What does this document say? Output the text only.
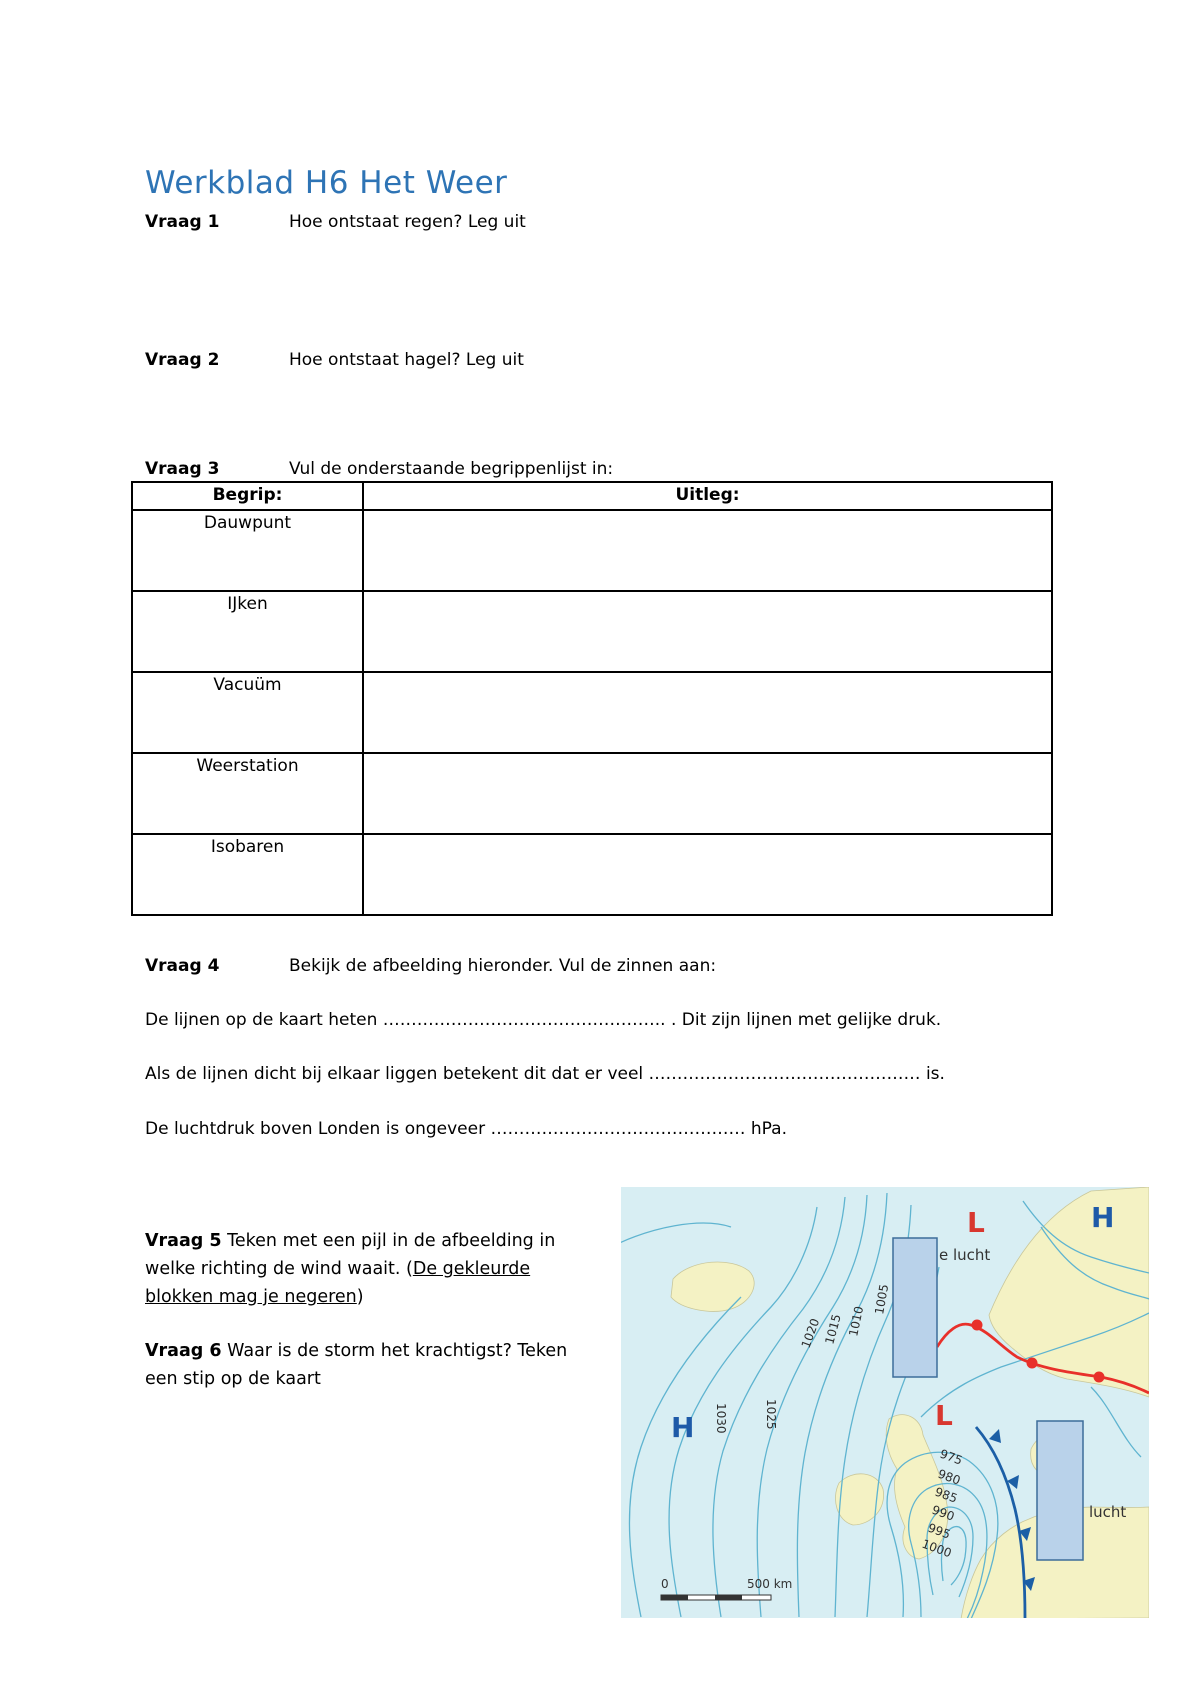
Werkblad H6 Het Weer
Vraag 1	Hoe ontstaat regen? Leg uit
Vraag 2	Hoe ontstaat hagel? Leg uit
Vraag 3	Vul de onderstaande begrippenlijst in:
Begrip:	Uitleg:
Dauwpunt	
IJken	
Vacuüm	
Weerstation	
Isobaren	
Vraag 4	Bekijk de afbeelding hieronder. Vul de zinnen aan:
De lijnen op de kaart heten ………………………………………….. . Dit zijn lijnen met gelijke druk.
Als de lijnen dicht bij elkaar liggen betekent dit dat er veel ………………………………………… is.
De luchtdruk boven Londen is ongeveer ……………………………………… hPa.
Vraag 5 Teken met een pijl in de afbeelding in welke richting de wind waait. (De gekleurde blokken mag je negeren)
Vraag 6 Waar is de storm het krachtigst? Teken een stip op de kaart
L	H
H	L
1030	1025
1020 1015 1010
1005
975
980
985
990
995
1000
e lucht
lucht
0	500 km
